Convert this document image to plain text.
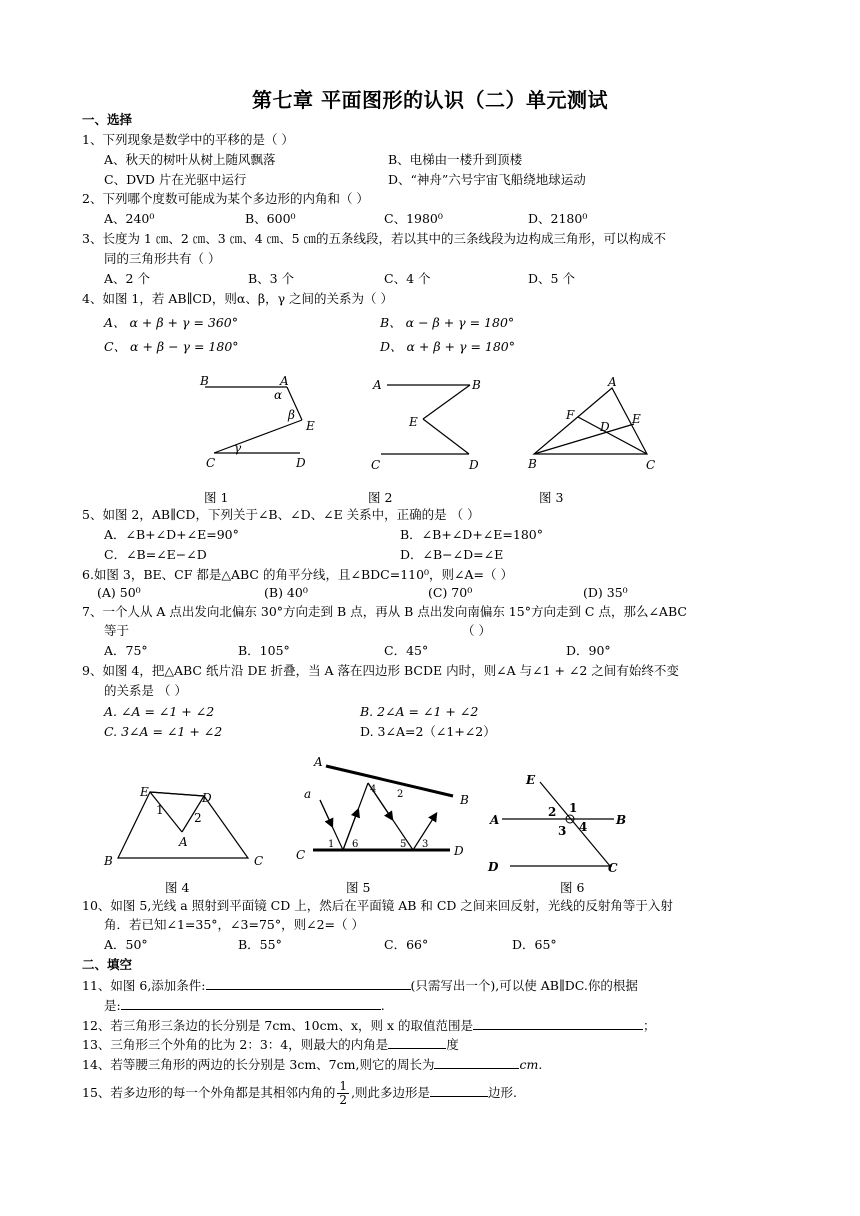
第七章 平面图形的认识（二）单元测试
一、选择
1、下列现象是数学中的平移的是（ ）
A、秋天的树叶从树上随风飘落	B、电梯由一楼升到顶楼
C、DVD 片在光驱中运行	D、“神舟”六号宇宙飞船绕地球运动
2、下列哪个度数可能成为某个多边形的内角和（ ）
A、240⁰	B、600⁰	C、1980⁰	D、2180⁰
3、长度为 1 ㎝、2 ㎝、3 ㎝、4 ㎝、5 ㎝的五条线段，若以其中的三条线段为边构成三角形，可以构成不
同的三角形共有（ ）
A、2 个	B、3 个	C、4 个	D、5 个
4、如图 1，若 AB∥CD，则α、β，γ 之间的关系为（ ）
A、 α + β + γ = 360°	B、 α − β + γ = 180°
C、 α + β − γ = 180°	D、 α + β + γ = 180°
B	A
α
β
E
γ
C	D
A	B
E
C	D
A
F	E
D
B	C
图 1	图 2	图 3
5、如图 2，AB∥CD，下列关于∠B、∠D、∠E 关系中，正确的是 （ ）
A．∠B+∠D+∠E=90°	B．∠B+∠D+∠E=180°
C．∠B=∠E−∠D	D．∠B−∠D=∠E
6.如图 3，BE、CF 都是△ABC 的角平分线，且∠BDC=110⁰，则∠A=（ ）
(A) 50⁰	(B) 40⁰	(C) 70⁰	(D) 35⁰
7、一个人从 A 点出发向北偏东 30°方向走到 B 点，再从 B 点出发向南偏东 15°方向走到 C 点，那么∠ABC
等于	（ ）
A．75°	B．105°	C．45°	D．90°
9、如图 4，把△ABC 纸片沿 DE 折叠，当 A 落在四边形 BCDE 内时，则∠A 与∠1 + ∠2 之间有始终不变
的关系是 （ ）
A. ∠A = ∠1 + ∠2	B. 2∠A = ∠1 + ∠2
C. 3∠A = ∠1 + ∠2	D. 3∠A=2（∠1+∠2）
E	D
1
2
A
B	C
A
B
a	4 2
C
1 6	5 3 D
E
2 1
A
3 4 B
D	C
图 4	图 5	图 6
10、如图 5,光线 a 照射到平面镜 CD 上，然后在平面镜 AB 和 CD 之间来回反射，光线的反射角等于入射
角．若已知∠1=35°，∠3=75°，则∠2=（ ）
A．50°	B．55°	C．66°	D．65°
二、填空
11、如图 6,添加条件:	(只需写出一个),可以使 AB∥DC.你的根据
是:	.
12、若三角形三条边的长分别是 7cm、10cm、x，则 x 的取值范围是	；
13、三角形三个外角的比为 2：3：4，则最大的内角是	度
14、若等腰三角形的两边的长分别是 3cm、7cm,则它的周长为	cm.
15、若多边形的每一个外角都是其相邻内角的 $\frac{1}{2}$ ,则此多边形是	边形.
